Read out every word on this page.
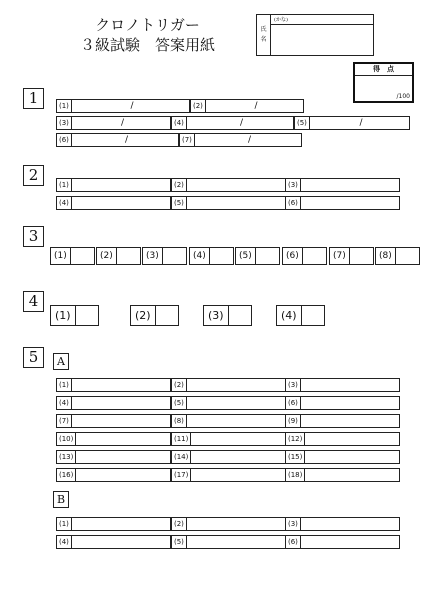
クロノトリガー
３級試験　答案用紙
氏
名
(かな)
得　点
/100
1	(1)	/	(2)	/
(3)	/	(4)	/	(5)	/
(6)	/	(7)	/
2
(1)	(2)	(3)
(4)	(5)	(6)
3
(1)	(2)	(3)	(4)	(5)	(6)	(7)	(8)
4
(1)	(2)	(3)	(4)
5	A
(1)	(2)	(3)
(4)	(5)	(6)
(7)	(8)	(9)
(10)	(11)	(12)
(13)	(14)	(15)
(16)	(17)	(18)
B
(1)	(2)	(3)
(4)	(5)	(6)
